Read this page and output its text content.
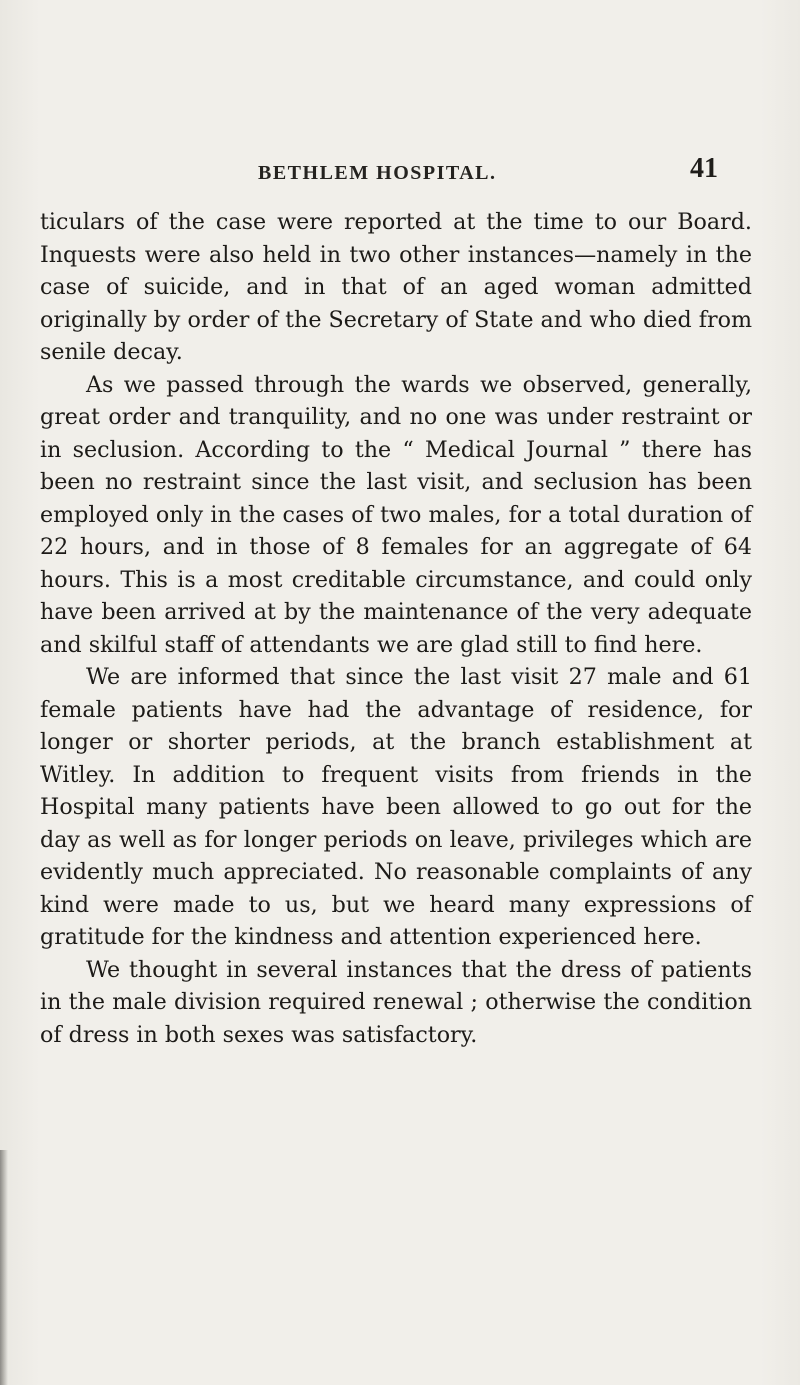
BETHLEM HOSPITAL.	41

ticulars of the case were reported at the time to our Board. Inquests were also held in two other instances—namely in the case of suicide, and in that of an aged woman admitted originally by order of the Secretary of State and who died from senile decay.

As we passed through the wards we observed, generally, great order and tranquility, and no one was under restraint or in seclusion. According to the “ Medical Journal ” there has been no restraint since the last visit, and seclusion has been employed only in the cases of two males, for a total duration of 22 hours, and in those of 8 females for an aggregate of 64 hours. This is a most creditable circumstance, and could only have been arrived at by the maintenance of the very adequate and skilful staff of attendants we are glad still to find here.

We are informed that since the last visit 27 male and 61 female patients have had the advantage of residence, for longer or shorter periods, at the branch establishment at Witley. In addition to frequent visits from friends in the Hospital many patients have been allowed to go out for the day as well as for longer periods on leave, privileges which are evidently much appreciated. No reasonable complaints of any kind were made to us, but we heard many expressions of gratitude for the kindness and attention experienced here.

We thought in several instances that the dress of patients in the male division required renewal ; otherwise the condition of dress in both sexes was satisfactory.
